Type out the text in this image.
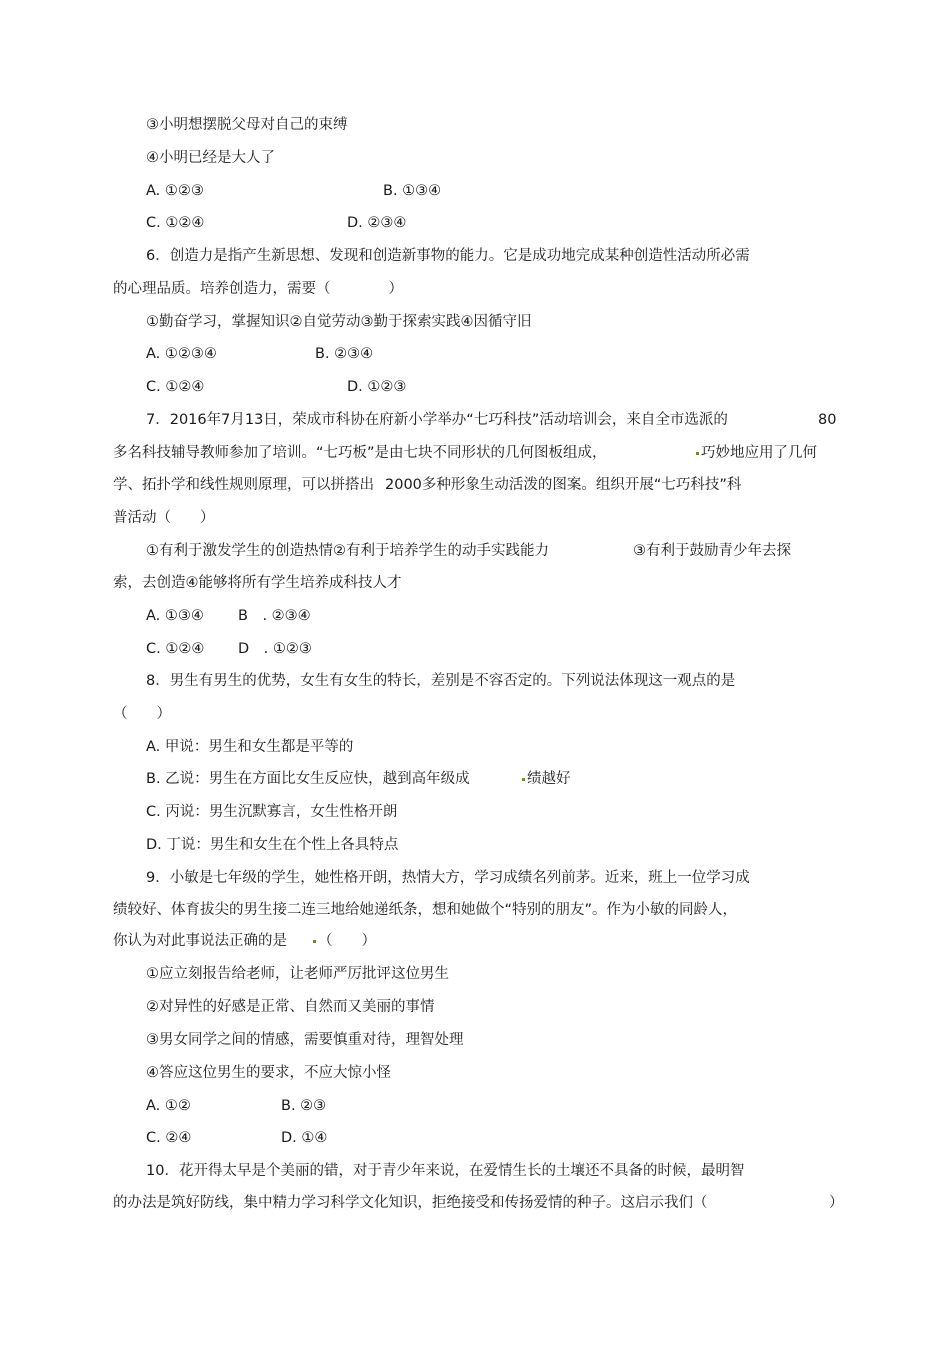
③小明想摆脱父母对自己的束缚
④小明已经是大人了
A. ①②③	B. ①③④
C. ①②④	D. ②③④
6．创造力是指产生新思想、发现和创造新事物的能力。它是成功地完成某种创造性活动所必需
的心理品质。培养创造力，需要（　　　　）
①勤奋学习，掌握知识②自觉劳动③勤于探索实践④因循守旧
A. ①②③④	B. ②③④
C. ①②④	D. ①②③
7．2016年7月13日，荣成市科协在府新小学举办“七巧科技”活动培训会，来自全市选派的	80
多名科技辅导教师参加了培训。“七巧板”是由七块不同形状的几何图板组成，	巧妙地应用了几何
学、拓扑学和线性规则原理，可以拼搭出 2000多种形象生动活泼的图案。组织开展“七巧科技”科
普活动（　　）
①有利于激发学生的创造热情②有利于培养学生的动手实践能力	③有利于鼓励青少年去探
索，去创造④能够将所有学生培养成科技人才
A. ①③④ B　. ②③④
C. ①②④ D　. ①②③
8．男生有男生的优势，女生有女生的特长，差别是不容否定的。下列说法体现这一观点的是
（　　）
A. 甲说：男生和女生都是平等的
B. 乙说：男生在方面比女生反应快，越到高年级成	绩越好
C. 丙说：男生沉默寡言，女生性格开朗
D. 丁说：男生和女生在个性上各具特点
9．小敏是七年级的学生，她性格开朗，热情大方，学习成绩名列前茅。近来，班上一位学习成
绩较好、体育拔尖的男生接二连三地给她递纸条，想和她做个“特别的朋友”。作为小敏的同龄人，
你认为对此事说法正确的是	（　　）
①应立刻报告给老师，让老师严厉批评这位男生
②对异性的好感是正常、自然而又美丽的事情
③男女同学之间的情感，需要慎重对待，理智处理
④答应这位男生的要求，不应大惊小怪
A. ①②	B. ②③
C. ②④	D. ①④
10．花开得太早是个美丽的错，对于青少年来说，在爱情生长的土壤还不具备的时候，最明智
的办法是筑好防线，集中精力学习科学文化知识，拒绝接受和传扬爱情的种子。这启示我们（	）
